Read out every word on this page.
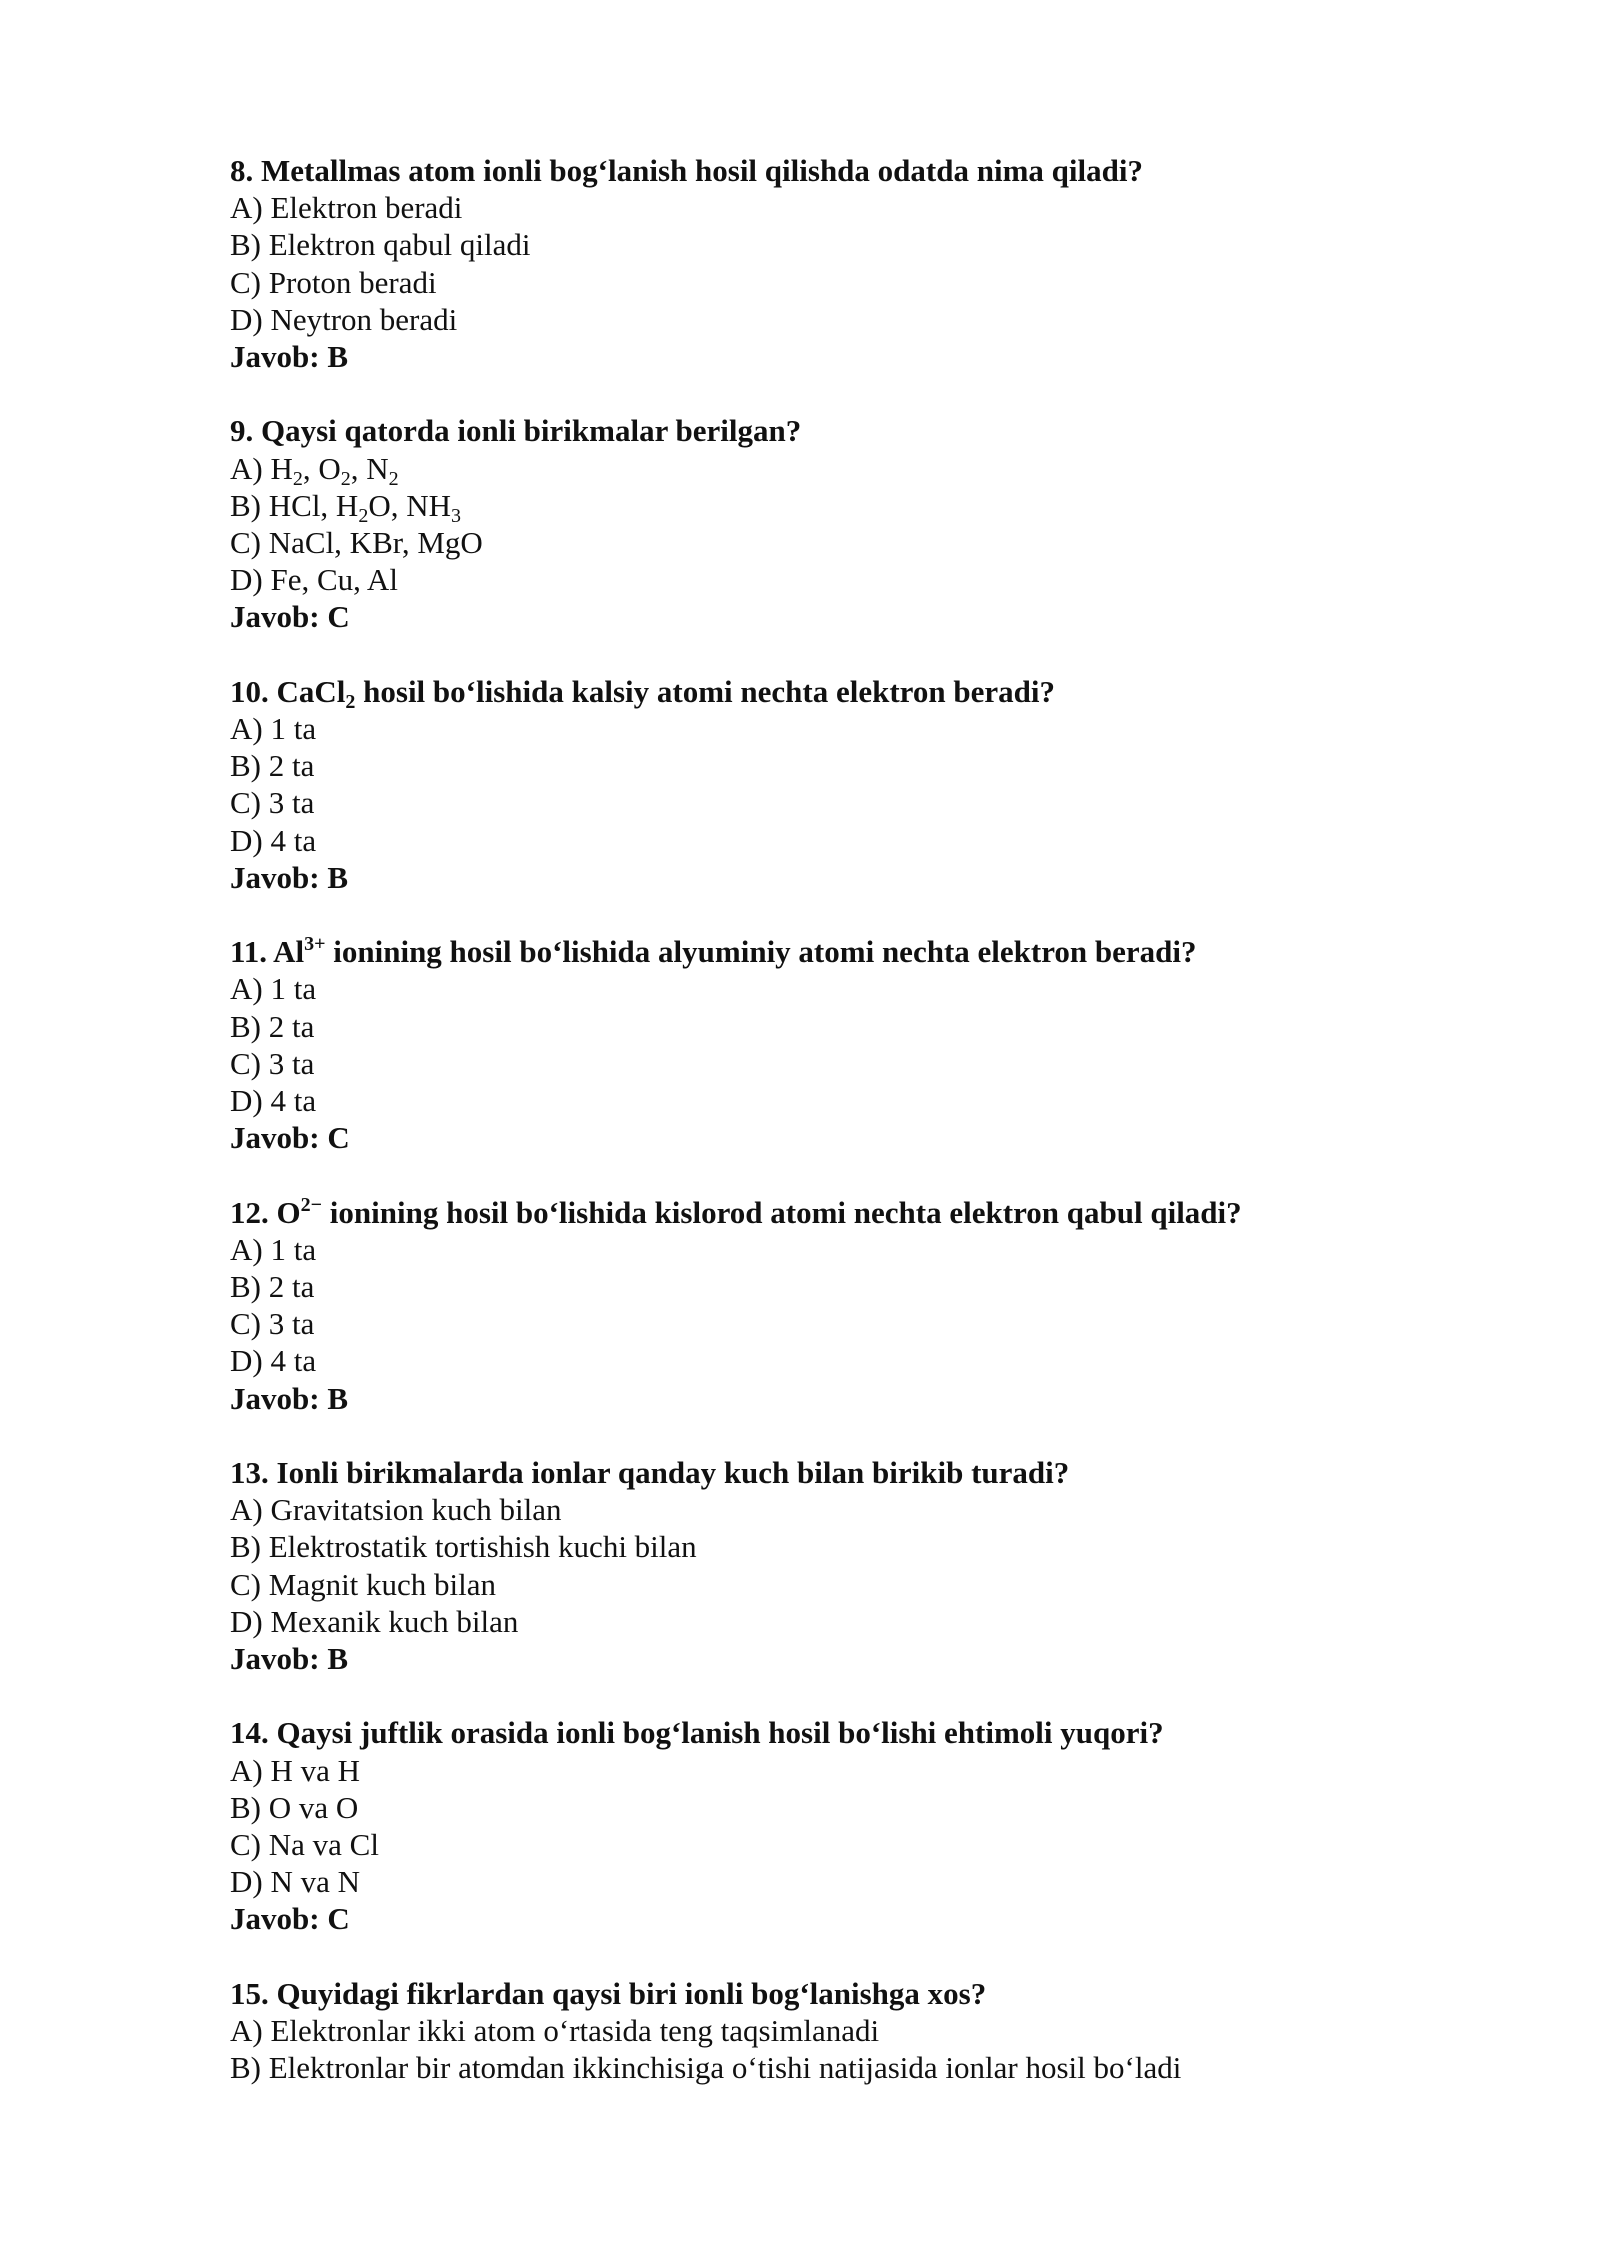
8. Metallmas atom ionli bog‘lanish hosil qilishda odatda nima qiladi?
A) Elektron beradi
B) Elektron qabul qiladi
C) Proton beradi
D) Neytron beradi
Javob: B
9. Qaysi qatorda ionli birikmalar berilgan?
A) $H_2$, $O_2$, $N_2$
B) HCl, $H_2O$, $NH_3$
C) NaCl, KBr, MgO
D) Fe, Cu, Al
Javob: C
10. CaCl$_2$ hosil bo‘lishida kalsiy atomi nechta elektron beradi?
A) 1 ta
B) 2 ta
C) 3 ta
D) 4 ta
Javob: B
11. $Al^{3+}$ ionining hosil bo‘lishida alyuminiy atomi nechta elektron beradi?
A) 1 ta
B) 2 ta
C) 3 ta
D) 4 ta
Javob: C
12. $O^{2-}$ ionining hosil bo‘lishida kislorod atomi nechta elektron qabul qiladi?
A) 1 ta
B) 2 ta
C) 3 ta
D) 4 ta
Javob: B
13. Ionli birikmalarda ionlar qanday kuch bilan birikib turadi?
A) Gravitatsion kuch bilan
B) Elektrostatik tortishish kuchi bilan
C) Magnit kuch bilan
D) Mexanik kuch bilan
Javob: B
14. Qaysi juftlik orasida ionli bog‘lanish hosil bo‘lishi ehtimoli yuqori?
A) H va H
B) O va O
C) Na va Cl
D) N va N
Javob: C
15. Quyidagi fikrlardan qaysi biri ionli bog‘lanishga xos?
A) Elektronlar ikki atom o‘rtasida teng taqsimlanadi
B) Elektronlar bir atomdan ikkinchisiga o‘tishi natijasida ionlar hosil bo‘ladi
